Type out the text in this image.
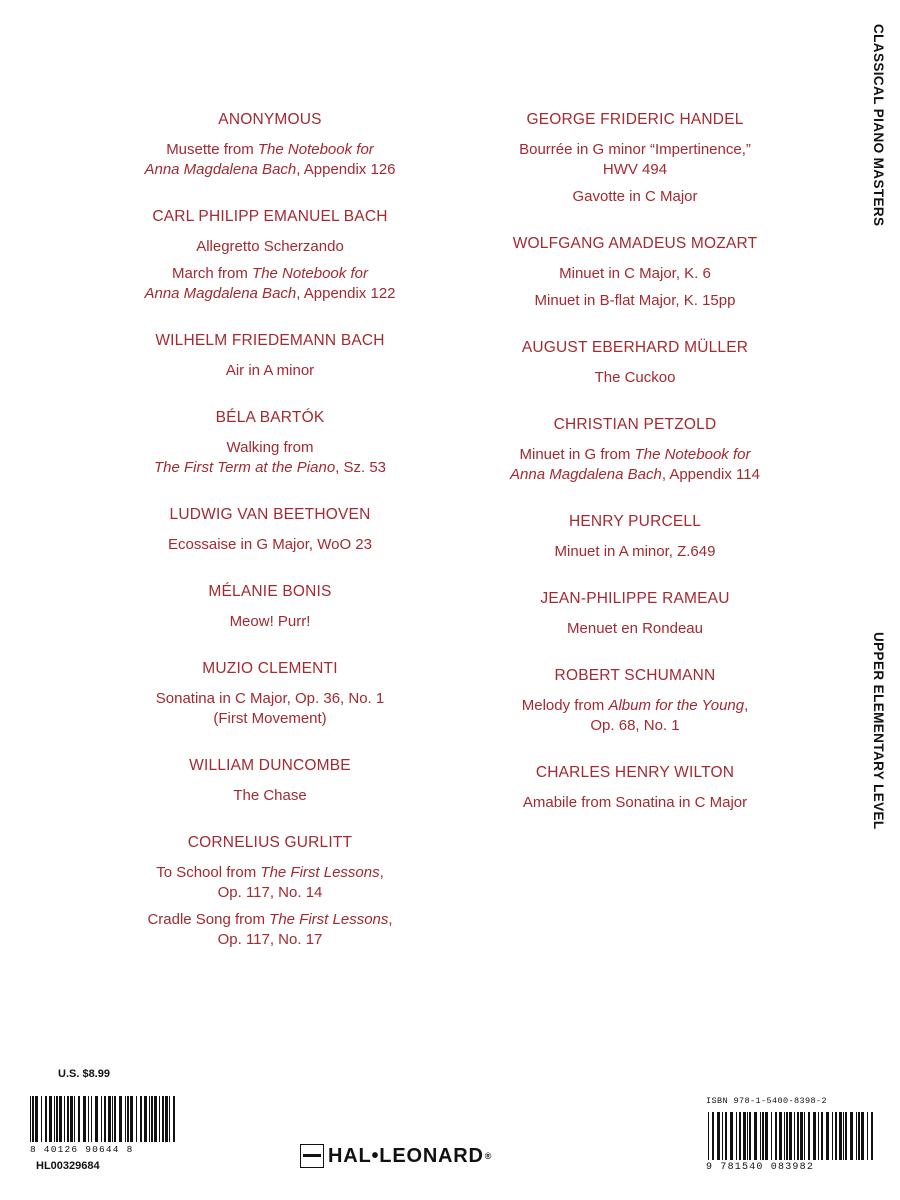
ANONYMOUS
Musette from The Notebook for
Anna Magdalena Bach, Appendix 126
CARL PHILIPP EMANUEL BACH
Allegretto Scherzando
March from The Notebook for
Anna Magdalena Bach, Appendix 122
WILHELM FRIEDEMANN BACH
Air in A minor
BÉLA BARTÓK
Walking from
The First Term at the Piano, Sz. 53
LUDWIG VAN BEETHOVEN
Ecossaise in G Major, WoO 23
MÉLANIE BONIS
Meow! Purr!
MUZIO CLEMENTI
Sonatina in C Major, Op. 36, No. 1
(First Movement)
WILLIAM DUNCOMBE
The Chase
CORNELIUS GURLITT
To School from The First Lessons,
Op. 117, No. 14
Cradle Song from The First Lessons,
Op. 117, No. 17
GEORGE FRIDERIC HANDEL
Bourrée in G minor “Impertinence,”
HWV 494
Gavotte in C Major
WOLFGANG AMADEUS MOZART
Minuet in C Major, K. 6
Minuet in B-flat Major, K. 15pp
AUGUST EBERHARD MÜLLER
The Cuckoo
CHRISTIAN PETZOLD
Minuet in G from The Notebook for
Anna Magdalena Bach, Appendix 114
HENRY PURCELL
Minuet in A minor, Z.649
JEAN-PHILIPPE RAMEAU
Menuet en Rondeau
ROBERT SCHUMANN
Melody from Album for the Young,
Op. 68, No. 1
CHARLES HENRY WILTON
Amabile from Sonatina in C Major
CLASSICAL PIANO MASTERS
UPPER ELEMENTARY LEVEL
U.S. $8.99
8 40126 90644 8
HL00329684	HAL•LEONARD ®
ISBN 978-1-5400-8398-2
9 781540 083982
